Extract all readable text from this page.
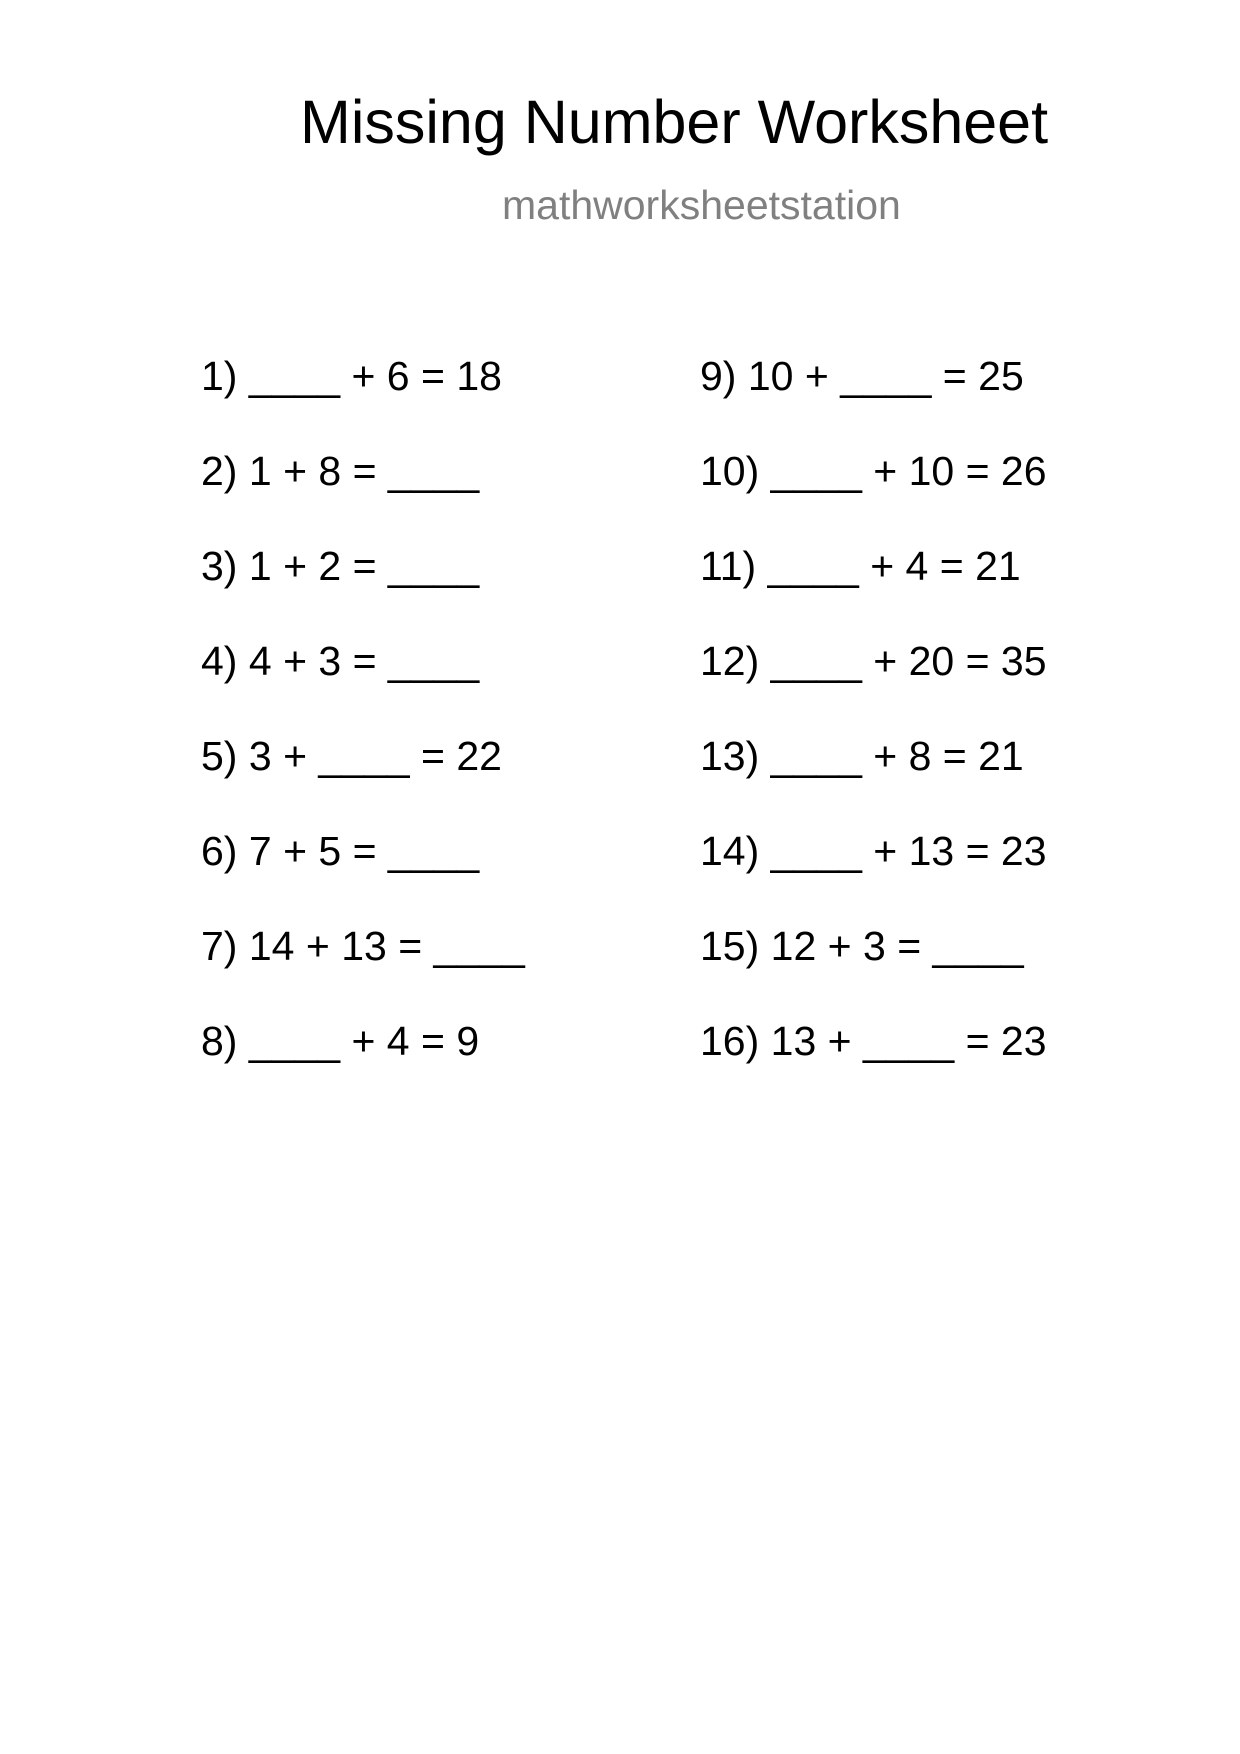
Missing Number Worksheet
mathworksheetstation
1) ____ + 6 = 18
2) 1 + 8 = ____
3) 1 + 2 = ____
4) 4 + 3 = ____
5) 3 + ____ = 22
6) 7 + 5 = ____
7) 14 + 13 = ____
8) ____ + 4 = 9
9) 10 + ____ = 25
10) ____ + 10 = 26
11) ____ + 4 = 21
12) ____ + 20 = 35
13) ____ + 8 = 21
14) ____ + 13 = 23
15) 12 + 3 = ____
16) 13 + ____ = 23
